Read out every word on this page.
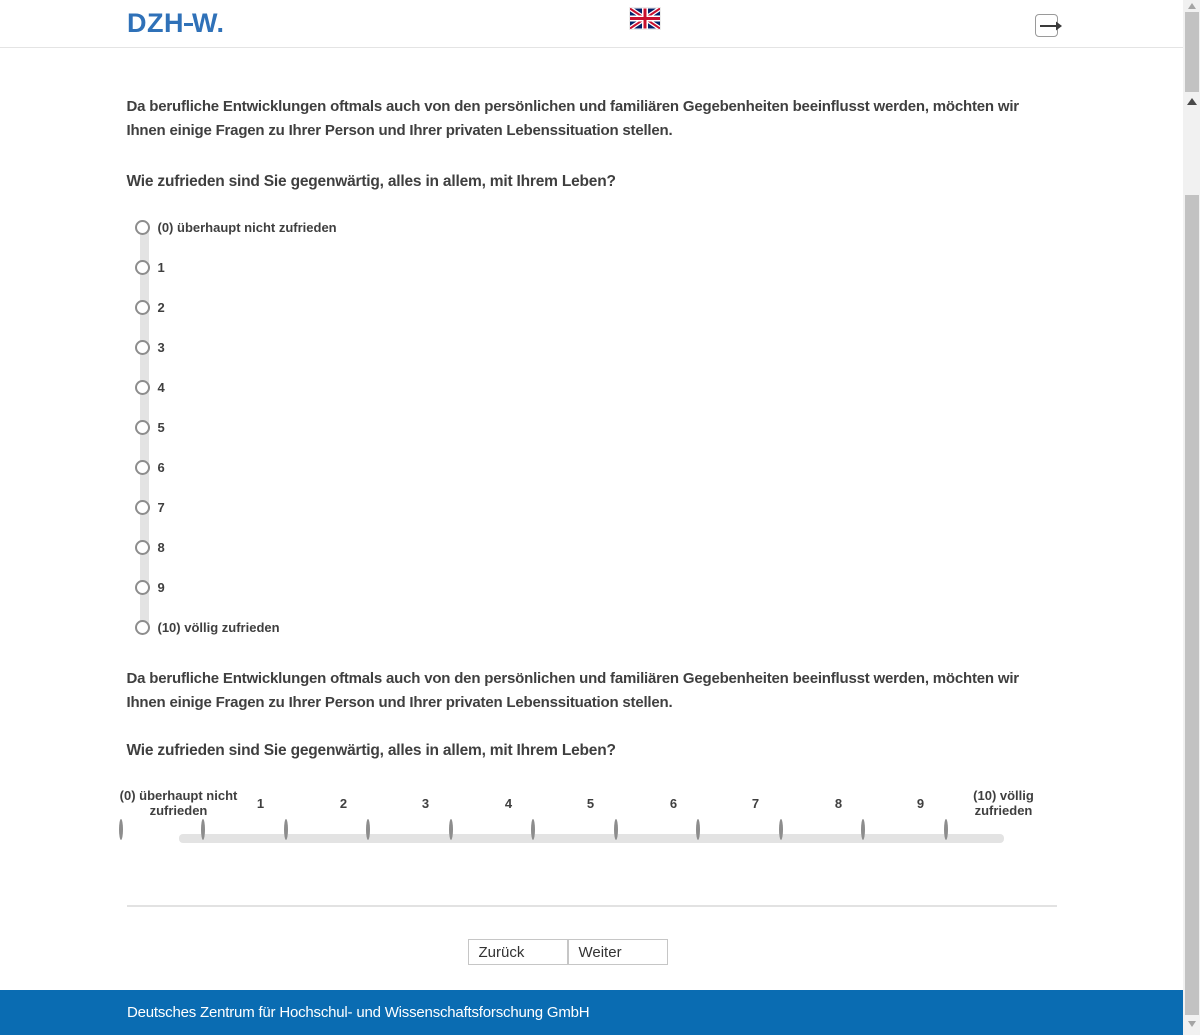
DZH W.

Da berufliche Entwicklungen oftmals auch von den persönlichen und familiären Gegebenheiten beeinflusst werden, möchten wir Ihnen einige Fragen zu Ihrer Person und Ihrer privaten Lebenssituation stellen.

Wie zufrieden sind Sie gegenwärtig, alles in allem, mit Ihrem Leben?

(0) überhaupt nicht zufrieden
1
2
3
4
5
6
7
8
9
(10) völlig zufrieden

Da berufliche Entwicklungen oftmals auch von den persönlichen und familiären Gegebenheiten beeinflusst werden, möchten wir Ihnen einige Fragen zu Ihrer Person und Ihrer privaten Lebenssituation stellen.

Wie zufrieden sind Sie gegenwärtig, alles in allem, mit Ihrem Leben?

(0) überhaupt nicht zufrieden	1	2	3	4	5	6	7	8	9	(10) völlig zufrieden
Zurück	Weiter
Deutsches Zentrum für Hochschul- und Wissenschaftsforschung GmbH
